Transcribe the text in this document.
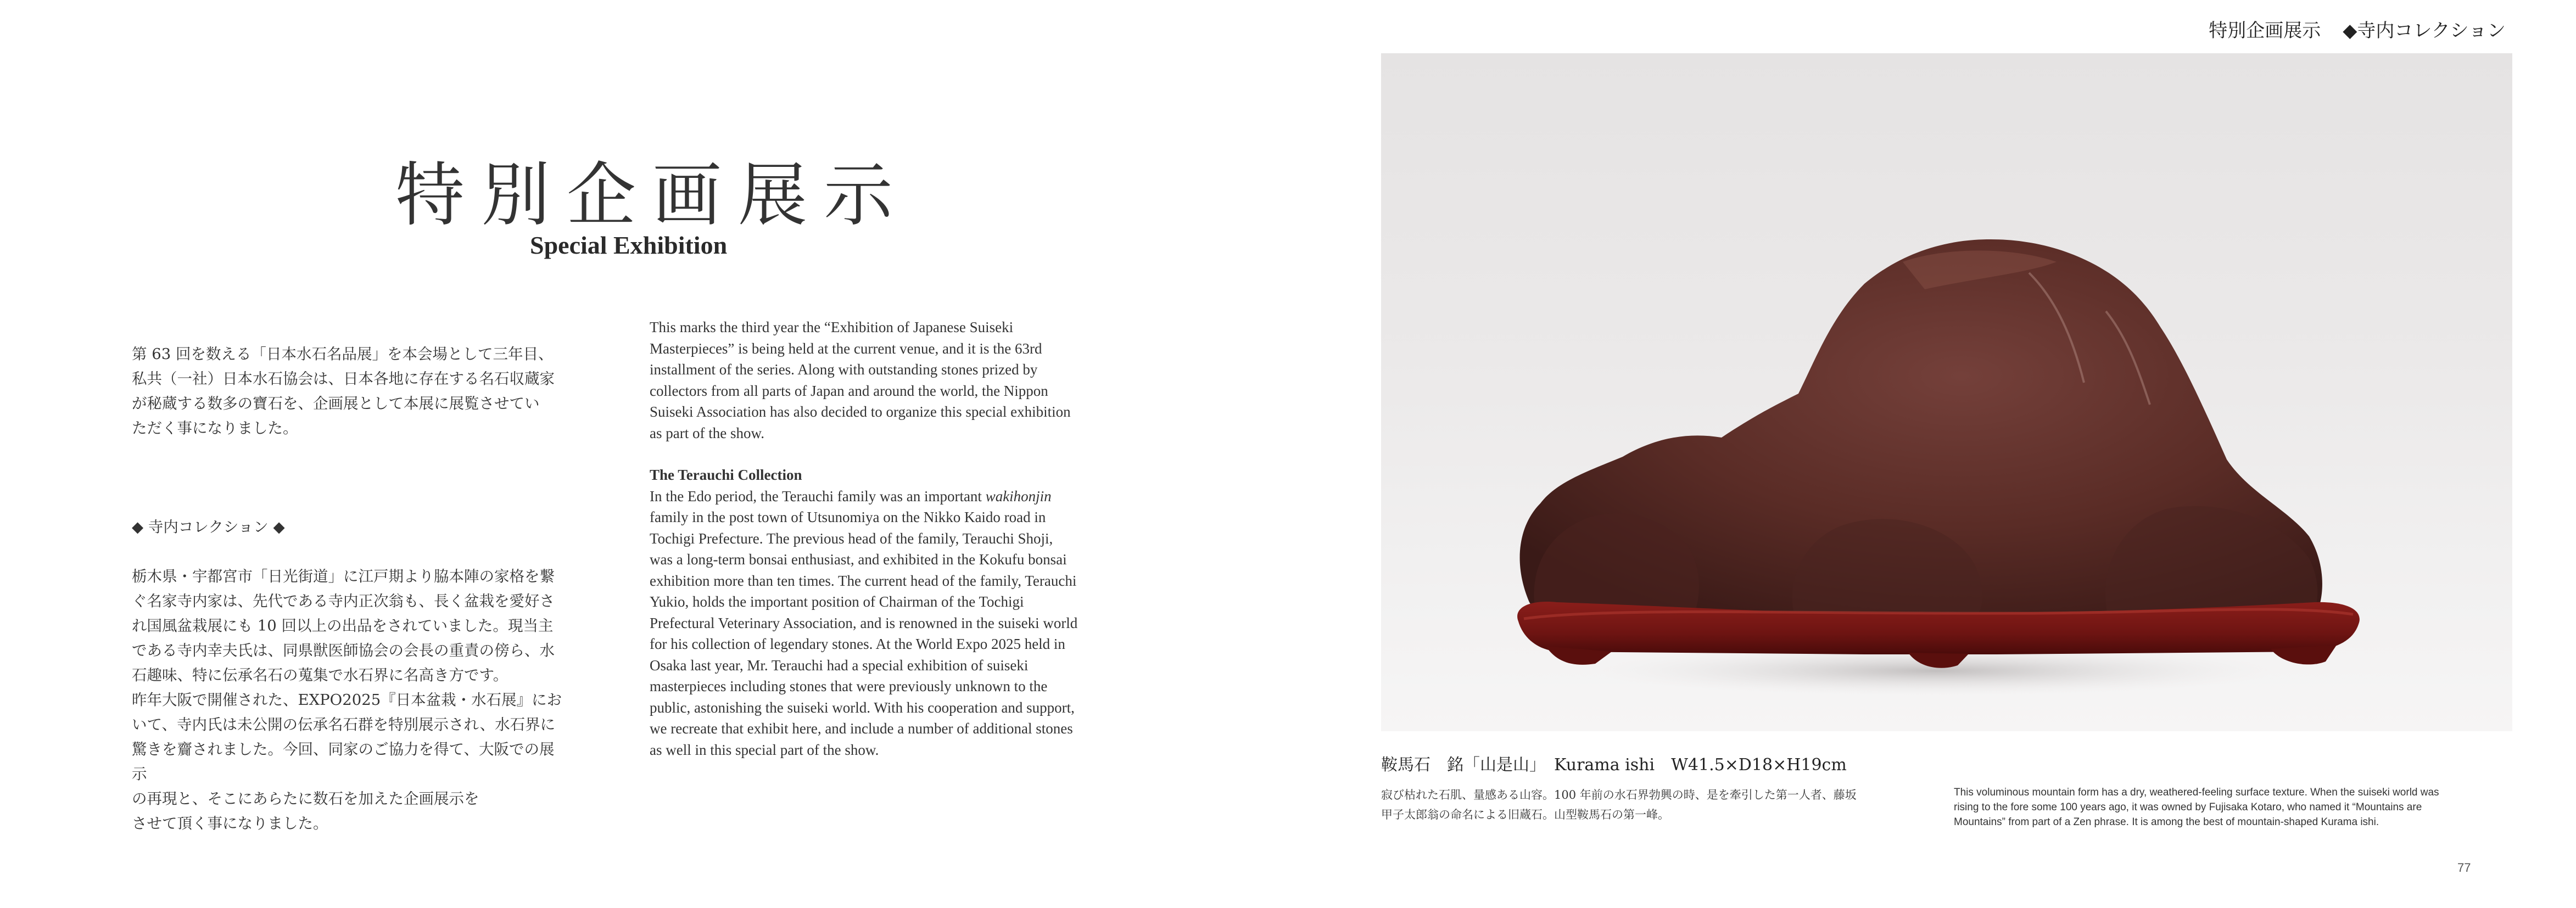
特別企画展示
Special Exhibition

第 63 回を数える「日本水石名品展」を本会場として三年目、
私共（一社）日本水石協会は、日本各地に存在する名石収蔵家
が秘蔵する数多の寶石を、企画展として本展に展覧させてい
ただく事になりました。

◆ 寺内コレクション ◆

栃木県・宇都宮市「日光街道」に江戸期より脇本陣の家格を繋
ぐ名家寺内家は、先代である寺内正次翁も、長く盆栽を愛好さ
れ国風盆栽展にも 10 回以上の出品をされていました。現当主
である寺内幸夫氏は、同県獣医師協会の会長の重責の傍ら、水
石趣味、特に伝承名石の蒐集で水石界に名高き方です。
昨年大阪で開催された、EXPO2025『日本盆栽・水石展』にお
いて、寺内氏は未公開の伝承名石群を特別展示され、水石界に
驚きを齎されました。今回、同家のご協力を得て、大阪での展示
の再現と、そこにあらたに数石を加えた企画展示を
させて頂く事になりました。

This marks the third year the “Exhibition of Japanese Suiseki
Masterpieces” is being held at the current venue, and it is the 63rd
installment of the series. Along with outstanding stones prized by
collectors from all parts of Japan and around the world, the Nippon
Suiseki Association has also decided to organize this special exhibition
as part of the show.

The Terauchi Collection

In the Edo period, the Terauchi family was an important wakihonjin
family in the post town of Utsunomiya on the Nikko Kaido road in
Tochigi Prefecture. The previous head of the family, Terauchi Shoji,
was a long-term bonsai enthusiast, and exhibited in the Kokufu bonsai
exhibition more than ten times. The current head of the family, Terauchi
Yukio, holds the important position of Chairman of the Tochigi
Prefectural Veterinary Association, and is renowned in the suiseki world
for his collection of legendary stones. At the World Expo 2025 held in
Osaka last year, Mr. Terauchi had a special exhibition of suiseki
masterpieces including stones that were previously unknown to the
public, astonishing the suiseki world. With his cooperation and support,
we recreate that exhibit here, and include a number of additional stones
as well in this special part of the show.

特別企画展示 ◆寺内コレクション
鞍馬石　銘「山是山」　Kurama ishi　W41.5×D18×H19cm
寂び枯れた石肌、量感ある山容。100 年前の水石界勃興の時、是を牽引した第一人者、藤坂
甲子太郎翁の命名による旧蔵石。山型鞍馬石の第一峰。
This voluminous mountain form has a dry, weathered-feeling surface texture. When the suiseki world was
rising to the fore some 100 years ago, it was owned by Fujisaka Kotaro, who named it “Mountains are
Mountains” from part of a Zen phrase. It is among the best of mountain-shaped Kurama ishi.
77
